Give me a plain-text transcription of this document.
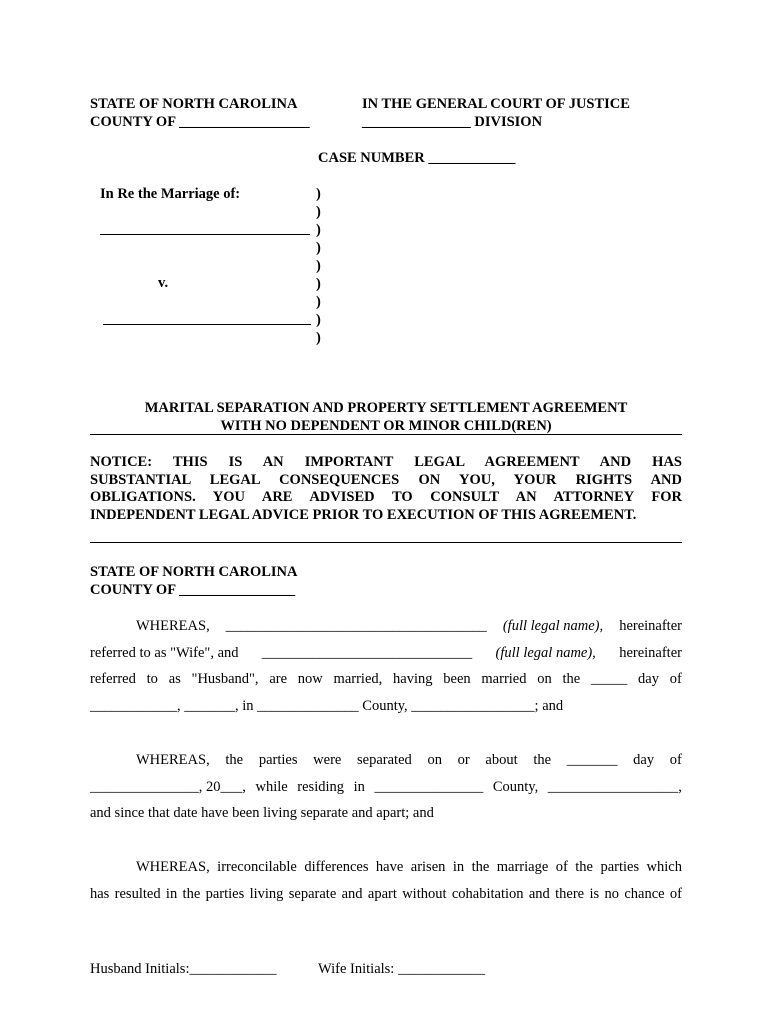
STATE OF NORTH CAROLINA	IN THE GENERAL COURT OF JUSTICE
COUNTY OF __________________	_______________ DIVISION
CASE NUMBER ____________
In Re the Marriage of:
v.
)
)
)
)
)
)
)
)
)
MARITAL SEPARATION AND PROPERTY SETTLEMENT AGREEMENT
WITH NO DEPENDENT OR MINOR CHILD(REN)
NOTICE: THIS IS AN IMPORTANT LEGAL AGREEMENT AND HAS
SUBSTANTIAL LEGAL CONSEQUENCES ON YOU, YOUR RIGHTS AND
OBLIGATIONS. YOU ARE ADVISED TO CONSULT AN ATTORNEY FOR
INDEPENDENT LEGAL ADVICE PRIOR TO EXECUTION OF THIS AGREEMENT.
STATE OF NORTH CAROLINA
COUNTY OF ________________
WHEREAS, ____________________________________ (full legal name), hereinafter
referred to as "Wife", and _____________________________ (full legal name), hereinafter
referred to as "Husband", are now married, having been married on the _____ day of
____________, _______, in ______________ County, _________________; and
WHEREAS, the parties were separated on or about the _______ day of
_______________, 20___, while residing in _______________ County, __________________,
and since that date have been living separate and apart; and
WHEREAS, irreconcilable differences have arisen in the marriage of the parties which
has resulted in the parties living separate and apart without cohabitation and there is no chance of
Husband Initials:____________	Wife Initials: ____________
